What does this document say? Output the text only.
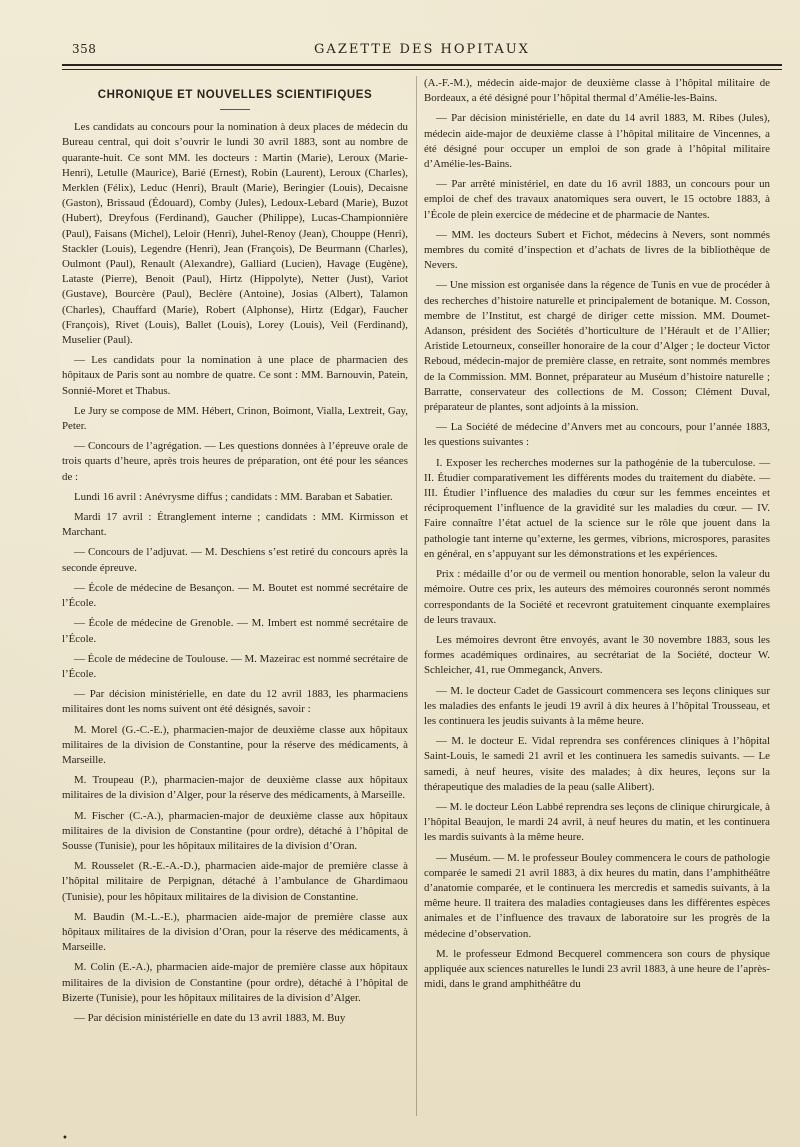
358	GAZETTE DES HOPITAUX
CHRONIQUE ET NOUVELLES SCIENTIFIQUES

Les candidats au concours pour la nomination à deux places de médecin du Bureau central, qui doit s’ouvrir le lundi 30 avril 1883, sont au nombre de quarante-huit. Ce sont MM. les docteurs : Martin (Marie), Leroux (Marie-Henri), Letulle (Maurice), Barié (Ernest), Robin (Laurent), Leroux (Charles), Merklen (Félix), Leduc (Henri), Brault (Marie), Beringier (Louis), Decaisne (Gaston), Brissaud (Édouard), Comby (Jules), Ledoux-Lebard (Marie), Buzot (Hubert), Dreyfous (Ferdinand), Gaucher (Philippe), Lucas-Championnière (Paul), Faisans (Michel), Leloir (Henri), Juhel-Renoy (Jean), Chouppe (Henri), Stackler (Louis), Legendre (Henri), Jean (François), De Beurmann (Charles), Oulmont (Paul), Renault (Alexandre), Galliard (Lucien), Havage (Eugène), Lataste (Pierre), Benoit (Paul), Hirtz (Hippolyte), Netter (Just), Variot (Gustave), Bourcère (Paul), Beclère (Antoine), Josias (Albert), Talamon (Charles), Chauffard (Marie), Robert (Alphonse), Hirtz (Edgar), Faucher (François), Rivet (Louis), Ballet (Louis), Lorey (Louis), Veil (Ferdinand), Muselier (Paul).

— Les candidats pour la nomination à une place de pharmacien des hôpitaux de Paris sont au nombre de quatre. Ce sont : MM. Barnouvin, Patein, Sonnié-Moret et Thabus.

Le Jury se compose de MM. Hébert, Crinon, Boimont, Vialla, Lextreit, Gay, Peter.

— Concours de l’agrégation. — Les questions données à l’épreuve orale de trois quarts d’heure, après trois heures de préparation, ont été pour les séances de :

Lundi 16 avril : Anévrysme diffus ; candidats : MM. Baraban et Sabatier.

Mardi 17 avril : Étranglement interne ; candidats : MM. Kirmisson et Marchant.

— Concours de l’adjuvat. — M. Deschiens s’est retiré du concours après la seconde épreuve.

— École de médecine de Besançon. — M. Boutet est nommé secrétaire de l’École.

— École de médecine de Grenoble. — M. Imbert est nommé secrétaire de l’École.

— École de médecine de Toulouse. — M. Mazeirac est nommé secrétaire de l’École.

— Par décision ministérielle, en date du 12 avril 1883, les pharmaciens militaires dont les noms suivent ont été désignés, savoir :

M. Morel (G.-C.-E.), pharmacien-major de deuxième classe aux hôpitaux militaires de la division de Constantine, pour la réserve des médicaments, à Marseille.

M. Troupeau (P.), pharmacien-major de deuxième classe aux hôpitaux militaires de la division d’Alger, pour la réserve des médicaments, à Marseille.

M. Fischer (C.-A.), pharmacien-major de deuxième classe aux hôpitaux militaires de la division de Constantine (pour ordre), détaché à l’hôpital de Sousse (Tunisie), pour les hôpitaux militaires de la division d’Oran.

M. Rousselet (R.-E.-A.-D.), pharmacien aide-major de première classe à l’hôpital militaire de Perpignan, détaché à l’ambulance de Ghardimaou (Tunisie), pour les hôpitaux militaires de la division de Constantine.

M. Baudin (M.-L.-E.), pharmacien aide-major de première classe aux hôpitaux militaires de la division d’Oran, pour la réserve des médicaments, à Marseille.

M. Colin (E.-A.), pharmacien aide-major de première classe aux hôpitaux militaires de la division de Constantine (pour ordre), détaché à l’hôpital de Bizerte (Tunisie), pour les hôpitaux militaires de la division d’Alger.

— Par décision ministérielle en date du 13 avril 1883, M. Buy

(A.-F.-M.), médecin aide-major de deuxième classe à l’hôpital militaire de Bordeaux, a été désigné pour l’hôpital thermal d’Amélie-les-Bains.

— Par décision ministérielle, en date du 14 avril 1883, M. Ribes (Jules), médecin aide-major de deuxième classe à l’hôpital militaire de Vincennes, a été désigné pour occuper un emploi de son grade à l’hôpital militaire d’Amélie-les-Bains.

— Par arrêté ministériel, en date du 16 avril 1883, un concours pour un emploi de chef des travaux anatomiques sera ouvert, le 15 octobre 1883, à l’École de plein exercice de médecine et de pharmacie de Nantes.

— MM. les docteurs Subert et Fichot, médecins à Nevers, sont nommés membres du comité d’inspection et d’achats de livres de la bibliothèque de Nevers.

— Une mission est organisée dans la régence de Tunis en vue de procéder à des recherches d’histoire naturelle et principalement de botanique. M. Cosson, membre de l’Institut, est chargé de diriger cette mission. MM. Doumet-Adanson, président des Sociétés d’horticulture de l’Hérault et de l’Allier; Aristide Letourneux, conseiller honoraire de la cour d’Alger ; le docteur Victor Reboud, médecin-major de première classe, en retraite, sont nommés membres de la Commission. MM. Bonnet, préparateur au Muséum d’histoire naturelle ; Barratte, conservateur des collections de M. Cosson; Clément Duval, préparateur de plantes, sont adjoints à la mission.

— La Société de médecine d’Anvers met au concours, pour l’année 1883, les questions suivantes :

I. Exposer les recherches modernes sur la pathogénie de la tuberculose. — II. Étudier comparativement les différents modes du traitement du diabète. — III. Étudier l’influence des maladies du cœur sur les femmes enceintes et réciproquement l’influence de la gravidité sur les maladies du cœur. — IV. Faire connaître l’état actuel de la science sur le rôle que jouent dans la pathologie tant interne qu’externe, les germes, vibrions, microspores, parasites en général, en s’appuyant sur les démonstrations et les expériences.

Prix : médaille d’or ou de vermeil ou mention honorable, selon la valeur du mémoire. Outre ces prix, les auteurs des mémoires couronnés seront nommés correspondants de la Société et recevront gratuitement cinquante exemplaires de leurs travaux.

Les mémoires devront être envoyés, avant le 30 novembre 1883, sous les formes académiques ordinaires, au secrétariat de la Société, docteur W. Schleicher, 41, rue Ommeganck, Anvers.

— M. le docteur Cadet de Gassicourt commencera ses leçons cliniques sur les maladies des enfants le jeudi 19 avril à dix heures à l’hôpital Trousseau, et les continuera les jeudis suivants à la même heure.

— M. le docteur E. Vidal reprendra ses conférences cliniques à l’hôpital Saint-Louis, le samedi 21 avril et les continuera les samedis suivants. — Le samedi, à neuf heures, visite des malades; à dix heures, leçons sur la thérapeutique des maladies de la peau (salle Alibert).

— M. le docteur Léon Labbé reprendra ses leçons de clinique chirurgicale, à l’hôpital Beaujon, le mardi 24 avril, à neuf heures du matin, et les continuera les mardis suivants à la même heure.

— Muséum. — M. le professeur Bouley commencera le cours de pathologie comparée le samedi 21 avril 1883, à dix heures du matin, dans l’amphithéâtre d’anatomie comparée, et le continuera les mercredis et samedis suivants, à la même heure. Il traitera des maladies contagieuses dans les différentes espèces animales et de l’influence des travaux de laboratoire sur les progrès de la médecine d’observation.

M. le professeur Edmond Becquerel commencera son cours de physique appliquée aux sciences naturelles le lundi 23 avril 1883, à une heure de l’après-midi, dans le grand amphithéâtre du

•
